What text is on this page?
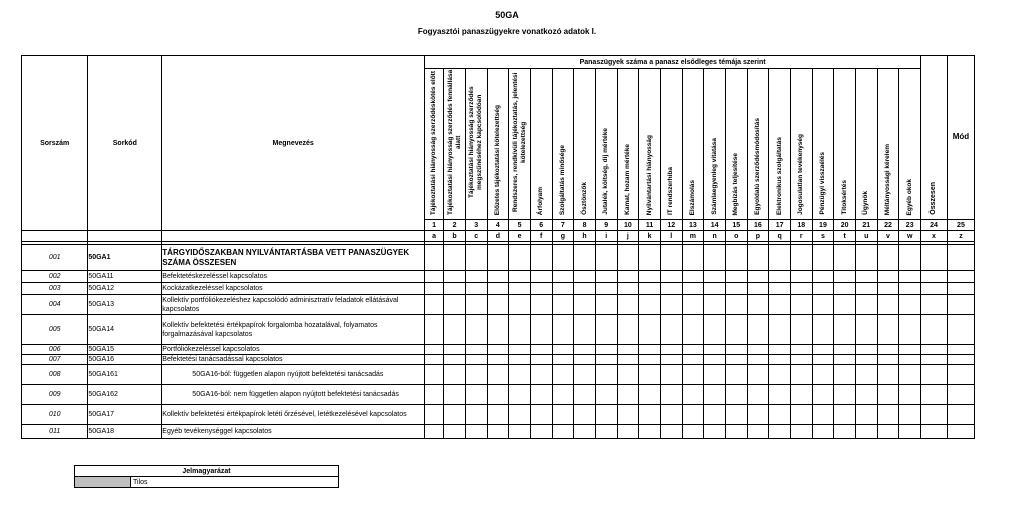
50GA
Fogyasztói panaszügyekre vonatkozó adatok I.
Sorszám	Sorkód	Megnevezés	Panaszügyek száma a panasz elsődleges témája szerint																							Összesen	Mód
			Tájékoztatási hiányosság szerződéskötés előtt	Tájékoztatási hiányosság szerződés fennállása alatt	Tájékoztatási hiányosság szerződés megszűnéséhez kapcsolódóan	Előzetes tájékoztatási kötelezettség	Rendszeres, rendkívüli tájékoztatás, jelentési kötelezettség	Árfolyam	Szolgáltatás minősége	Ösztönzők	Jutalék, költség, díj mértéke	Kamat, hozam mértéke	Nyilvántartási hiányosság	IT rendszerhiba	Elszámolás	Számlaegyenleg vitatása	Megbízás teljesítése	Egyoldalú szerződésmódosítás	Elektronikus szolgáltatás	Jogosulatlan tevékenység	Pénzügyi visszaélés	Titoksértés	Ügynök	Méltányossági kérelem	Egyéb okok		
			1	2	3	4	5	6	7	8	9	10	11	12	13	14	15	16	17	18	19	20	21	22	23	24	25
			a	b	c	d	e	f	g	h	i	j	k	l	m	n	o	p	q	r	s	t	u	v	w	x	z

001	50GA1	TÁRGYIDŐSZAKBAN NYILVÁNTARTÁSBA VETT PANASZÜGYEK SZÁMA ÖSSZESEN																									
002	50GA11	Befektetéskezeléssel kapcsolatos																									
003	50GA12	Kockázatkezeléssel kapcsolatos																									
004	50GA13	Kollektív portfóliókezeléshez kapcsolódó adminisztratív feladatok ellátásával kapcsolatos																									
005	50GA14	Kollektív befektetési értékpapírok forgalomba hozatalával, folyamatos forgalmazásával kapcsolatos																									
006	50GA15	Portfóliókezeléssel kapcsolatos																									
007	50GA16	Befektetési tanácsadással kapcsolatos																									
008	50GA161	50GA16-ból: független alapon nyújtott befektetési tanácsadás																									
009	50GA162	50GA16-ból: nem független alapon nyújtott befektetési tanácsadás																									
010	50GA17	Kollektív befektetési értékpapírok letéti őrzésével, letétkezelésével kapcsolatos																									
011	50GA18	Egyéb tevékenységgel kapcsolatos																									
Jelmagyarázat
	Tilos
